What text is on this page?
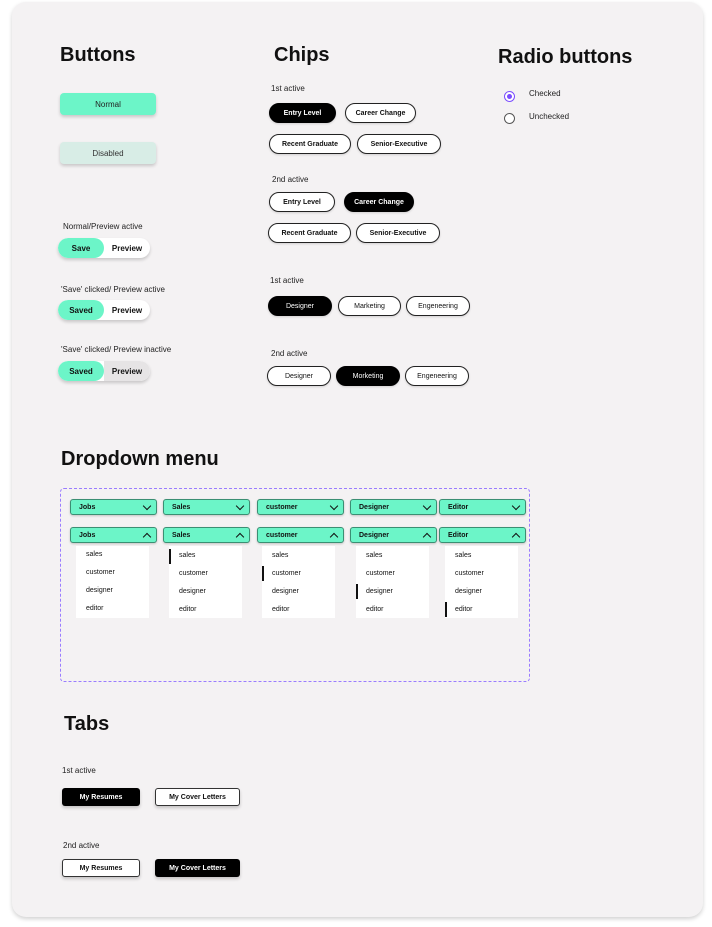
Buttons
Normal
Disabled
Normal/Preview active
Save	Preview
'Save' clicked/ Preview active
Saved	Preview
'Save' clicked/ Preview inactive
Saved	Preview
Chips
1st active
Entry Level	Career Change
Recent Graduate	Senior-Executive
2nd active
Entry Level	Career Change
Recent Graduate	Senior-Executive
1st active
Designer	Marketing	Engeneering
2nd active
Designer	Morketing	Engeneering
Radio buttons
Checked
Unchecked
Dropdown menu
Jobs	Sales	customer	Designer	Editor
Jobs	Sales	customer	Designer	Editor
sales
customer
designer
editor
sales
customer
designer
editor
sales
customer
designer
editor
sales
customer
designer
editor
sales
customer
designer
editor
Tabs
1st active
My Resumes	My Cover Letters
2nd active
My Resumes	My Cover Letters
